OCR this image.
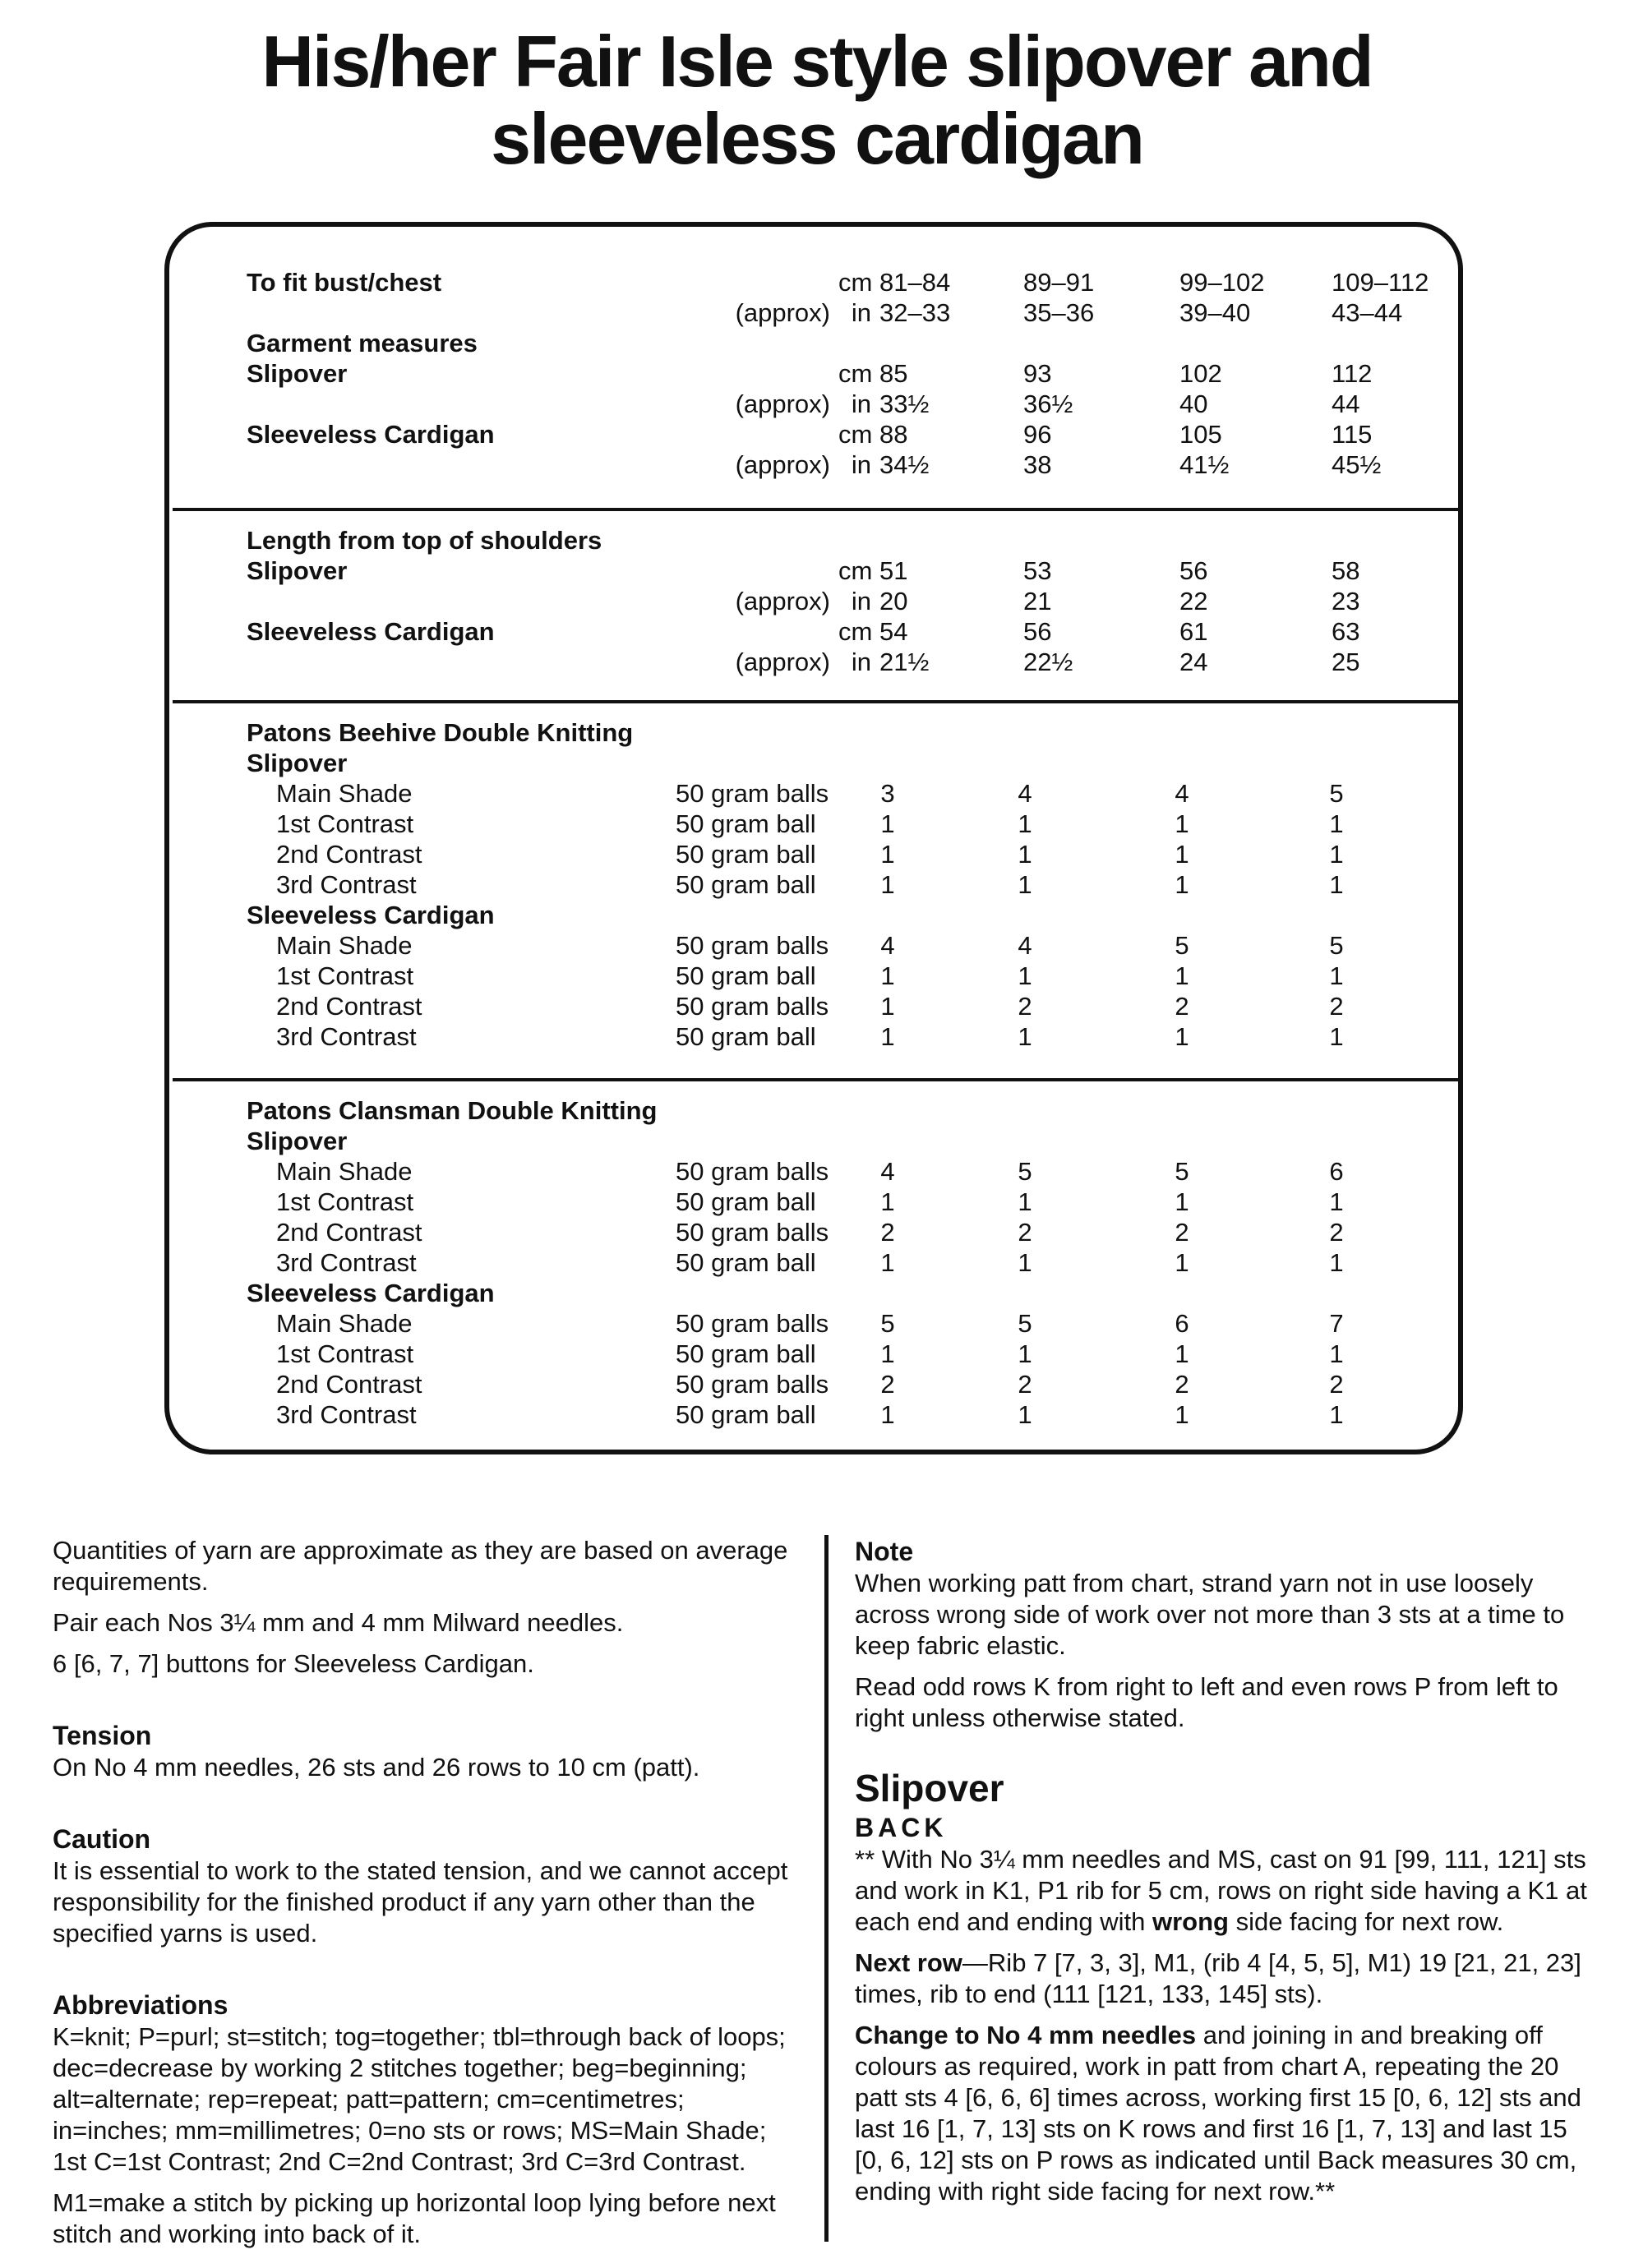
His/her Fair Isle style slipover and
sleeveless cardigan
To fit bust/chest	cm 81–84	89–91	99–102	109–112
(approx) in 32–33	35–36	39–40	43–44
Garment measures
Slipover	cm 85	93	102	112
(approx) in 33½	36½	40	44
Sleeveless Cardigan	cm 88	96	105	115
(approx) in 34½	38	41½	45½
Length from top of shoulders
Slipover	cm 51	53	56	58
(approx) in 20	21	22	23
Sleeveless Cardigan	cm 54	56	61	63
(approx) in 21½	22½	24	25
Patons Beehive Double Knitting
Slipover
Main Shade	50 gram balls	3	4	4	5
1st Contrast	50 gram ball	1	1	1	1
2nd Contrast	50 gram ball	1	1	1	1
3rd Contrast	50 gram ball	1	1	1	1
Sleeveless Cardigan
Main Shade	50 gram balls	4	4	5	5
1st Contrast	50 gram ball	1	1	1	1
2nd Contrast	50 gram balls	1	2	2	2
3rd Contrast	50 gram ball	1	1	1	1
Patons Clansman Double Knitting
Slipover
Main Shade	50 gram balls	4	5	5	6
1st Contrast	50 gram ball	1	1	1	1
2nd Contrast	50 gram balls	2	2	2	2
3rd Contrast	50 gram ball	1	1	1	1
Sleeveless Cardigan
Main Shade	50 gram balls	5	5	6	7
1st Contrast	50 gram ball	1	1	1	1
2nd Contrast	50 gram balls	2	2	2	2
3rd Contrast	50 gram ball	1	1	1	1

Quantities of yarn are approximate as they are based on average requirements.

Pair each Nos 3¼ mm and 4 mm Milward needles.

6 [6, 7, 7] buttons for Sleeveless Cardigan.

Tension

On No 4 mm needles, 26 sts and 26 rows to 10 cm (patt).

Caution

It is essential to work to the stated tension, and we cannot accept responsibility for the finished product if any yarn other than the specified yarns is used.

Abbreviations

K=knit; P=purl; st=stitch; tog=together; tbl=through back of loops; dec=decrease by working 2 stitches together; beg=beginning; alt=alternate; rep=repeat; patt=pattern; cm=centimetres; in=inches; mm=millimetres; 0=no sts or rows; MS=Main Shade; 1st C=1st Contrast; 2nd C=2nd Contrast; 3rd C=3rd Contrast.

M1=make a stitch by picking up horizontal loop lying before next stitch and working into back of it.

Note

When working patt from chart, strand yarn not in use loosely across wrong side of work over not more than 3 sts at a time to keep fabric elastic.

Read odd rows K from right to left and even rows P from left to right unless otherwise stated.

Slipover
BACK

** With No 3¼ mm needles and MS, cast on 91 [99, 111, 121] sts and work in K1, P1 rib for 5 cm, rows on right side having a K1 at each end and ending with wrong side facing for next row.

Next row—Rib 7 [7, 3, 3], M1, (rib 4 [4, 5, 5], M1) 19 [21, 21, 23] times, rib to end (111 [121, 133, 145] sts).

Change to No 4 mm needles and joining in and breaking off colours as required, work in patt from chart A, repeating the 20 patt sts 4 [6, 6, 6] times across, working first 15 [0, 6, 12] sts and last 16 [1, 7, 13] sts on K rows and first 16 [1, 7, 13] and last 15 [0, 6, 12] sts on P rows as indicated until Back measures 30 cm, ending with right side facing for next row.**
